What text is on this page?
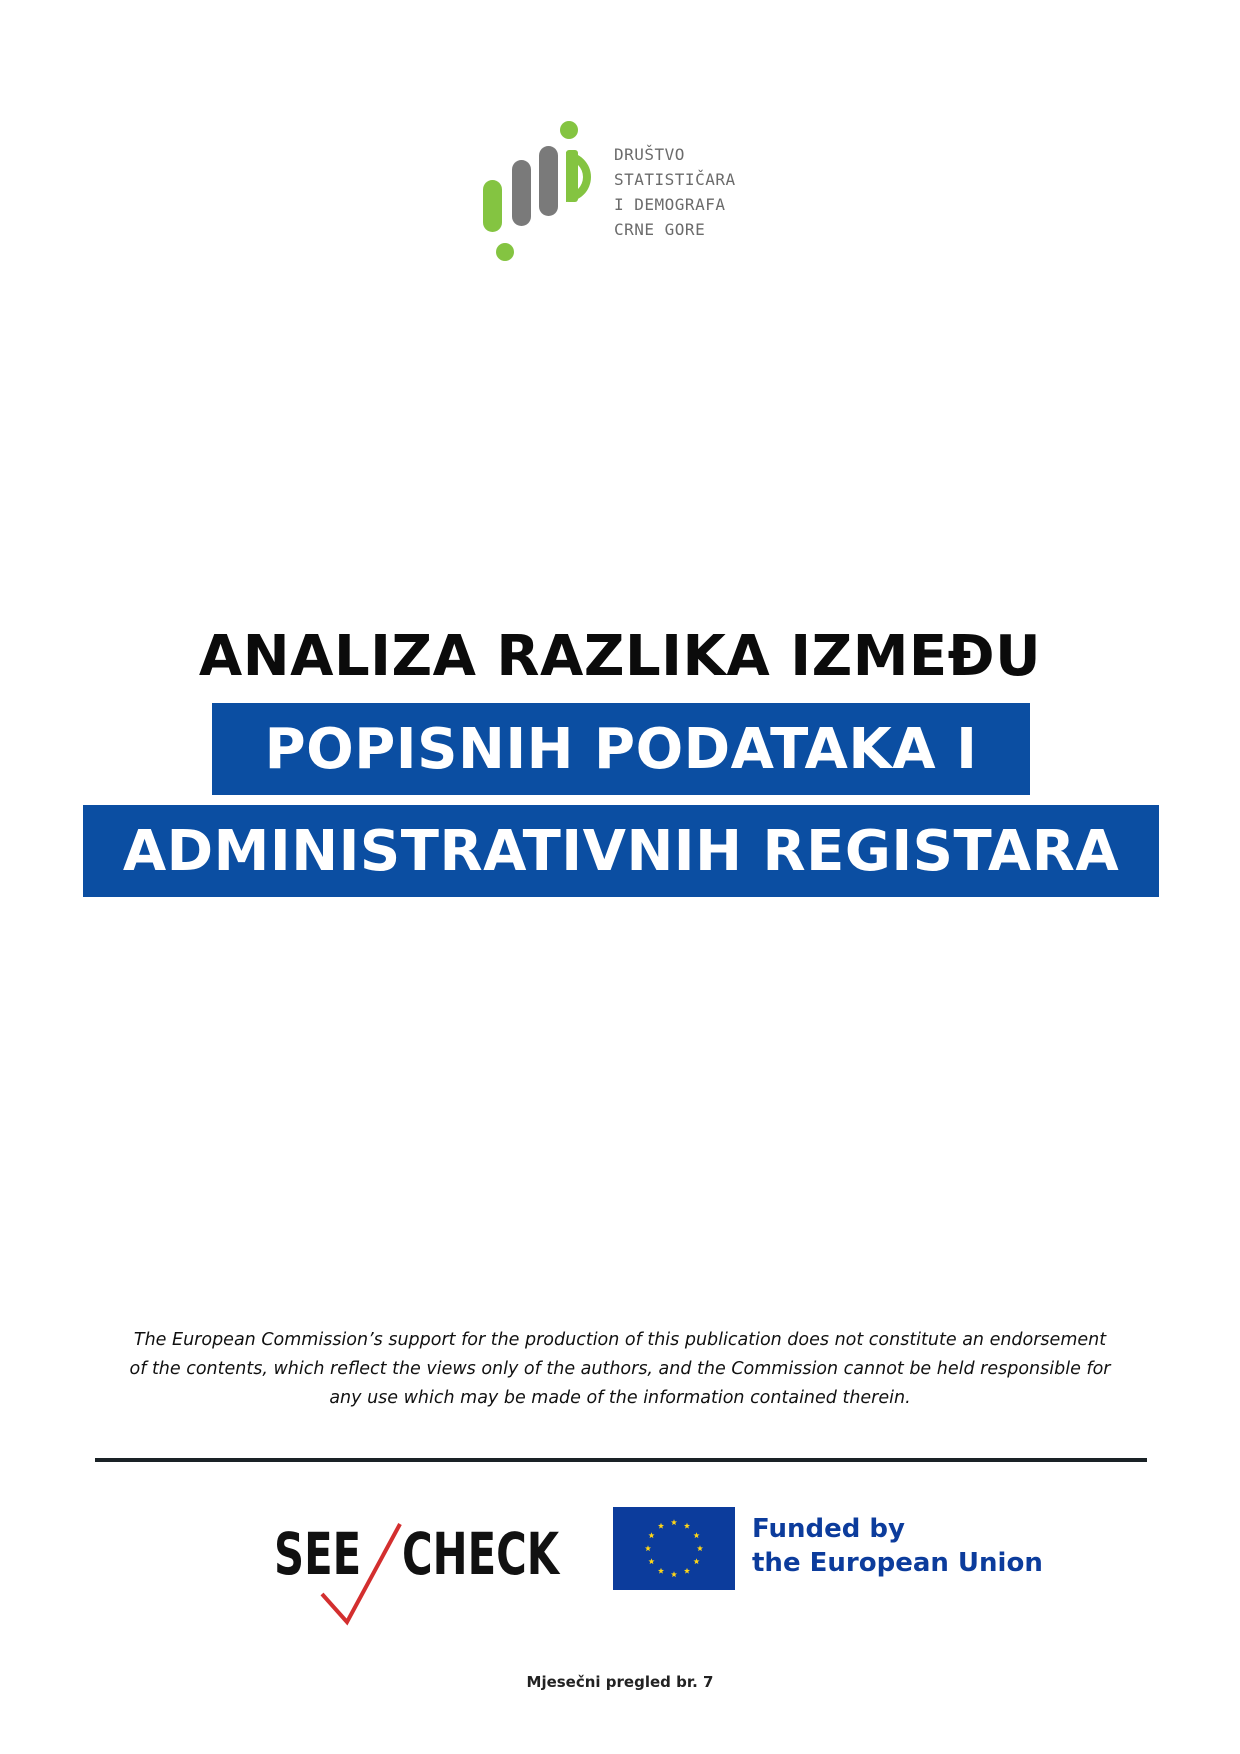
DRUŠTVO
STATISTIČARA
I DEMOGRAFA
CRNE GORE
ANALIZA RAZLIKA IZMEĐU
POPISNIH PODATAKA I
ADMINISTRATIVNIH REGISTARA
The European Commission’s support for the production of this publication does not constitute an endorsement
of the contents, which reflect the views only of the authors, and the Commission cannot be held responsible for
any use which may be made of the information contained therein.
SEE CHECK	Funded by
the European Union
Mjesečni pregled br. 7
